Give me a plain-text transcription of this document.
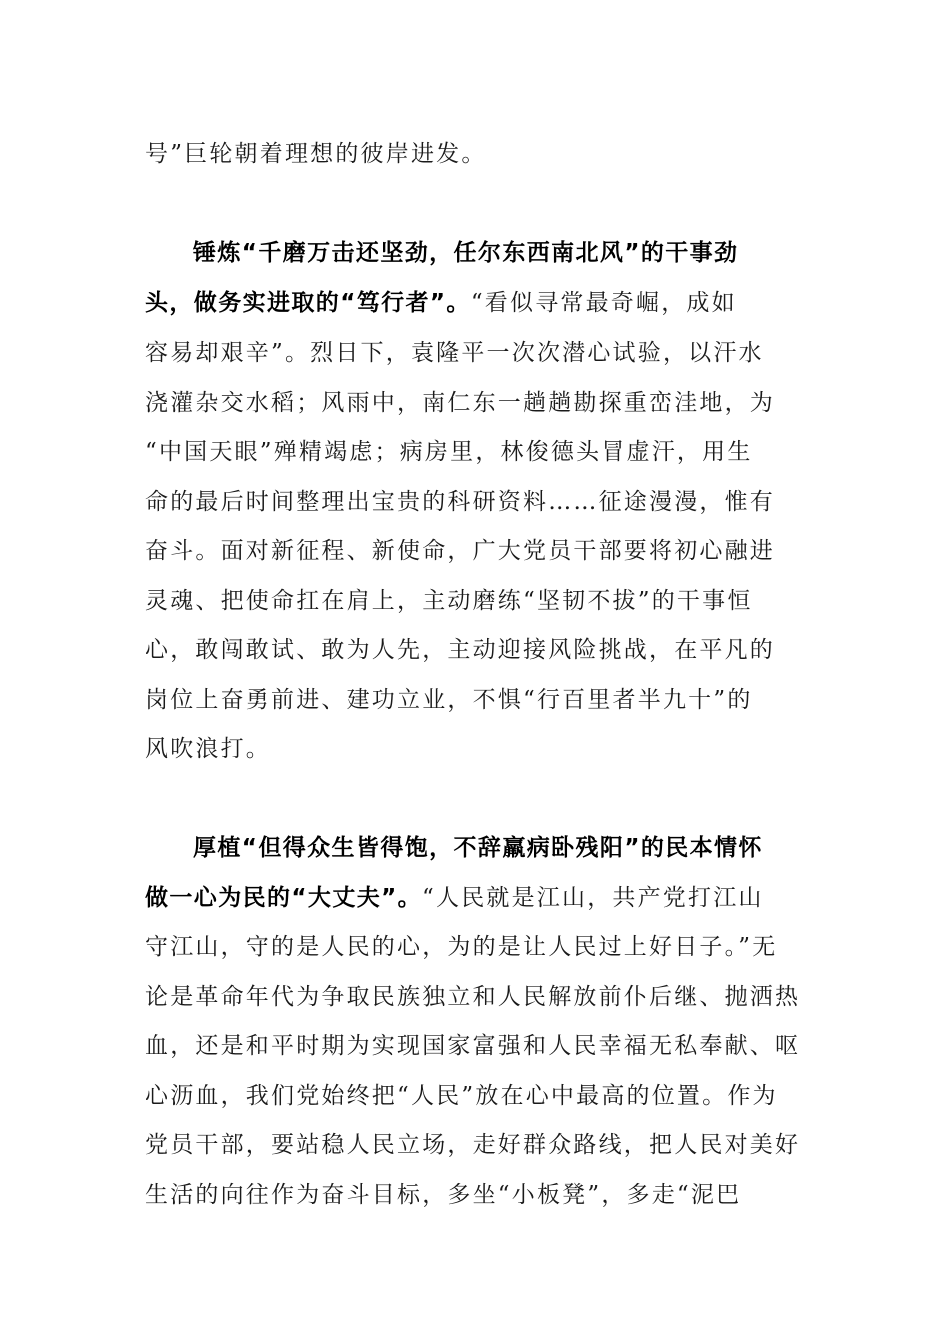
号”巨轮朝着理想的彼岸进发。
锤炼“千磨万击还坚劲，任尔东西南北风”的干事劲
头，做务实进取的“笃行者”。“看似寻常最奇崛，成如
容易却艰辛”。烈日下，袁隆平一次次潜心试验，以汗水
浇灌杂交水稻；风雨中，南仁东一趟趟勘探重峦洼地，为
“中国天眼”殚精竭虑；病房里，林俊德头冒虚汗，用生
命的最后时间整理出宝贵的科研资料……征途漫漫，惟有
奋斗。面对新征程、新使命，广大党员干部要将初心融进
灵魂、把使命扛在肩上，主动磨练“坚韧不拔”的干事恒
心，敢闯敢试、敢为人先，主动迎接风险挑战，在平凡的
岗位上奋勇前进、建功立业，不惧“行百里者半九十”的
风吹浪打。
厚植“但得众生皆得饱，不辞羸病卧残阳”的民本情怀
做一心为民的“大丈夫”。“人民就是江山，共产党打江山
守江山，守的是人民的心，为的是让人民过上好日子。”无
论是革命年代为争取民族独立和人民解放前仆后继、抛洒热
血，还是和平时期为实现国家富强和人民幸福无私奉献、呕
心沥血，我们党始终把“人民”放在心中最高的位置。作为
党员干部，要站稳人民立场，走好群众路线，把人民对美好
生活的向往作为奋斗目标，多坐“小板凳”，多走“泥巴
